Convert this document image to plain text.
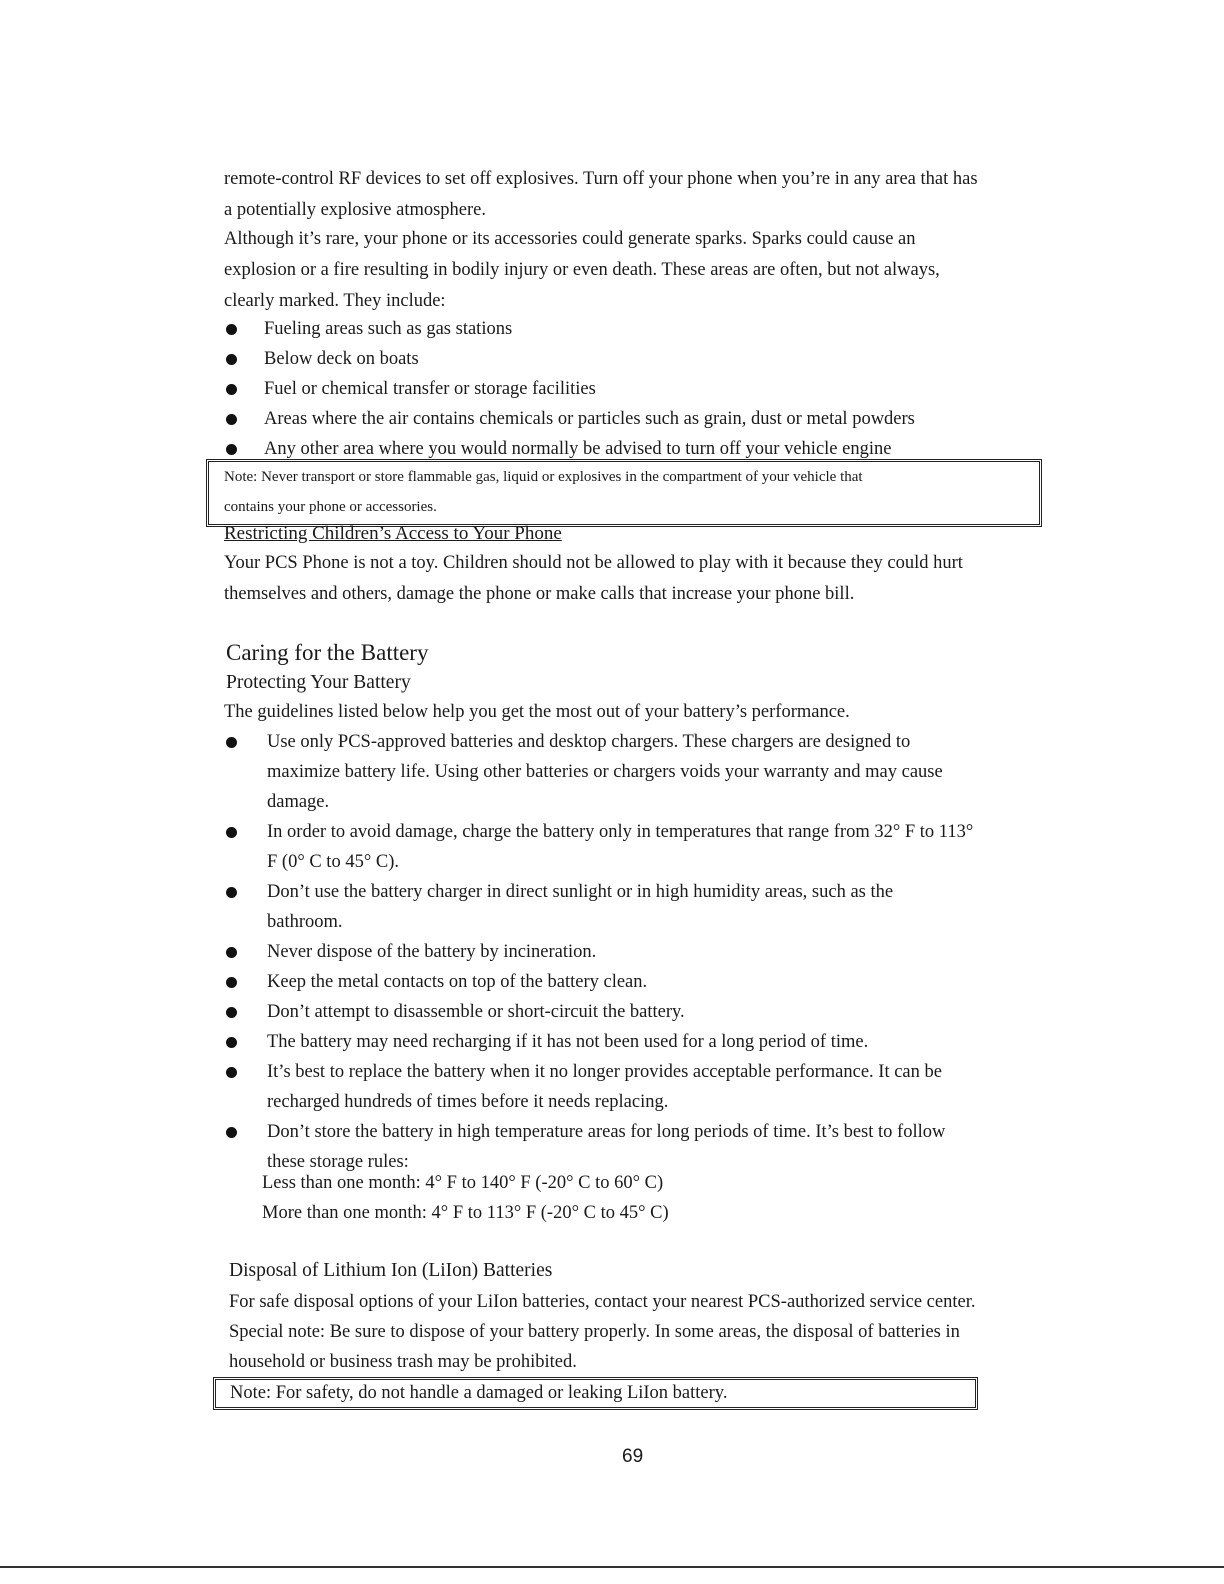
remote-control RF devices to set off explosives. Turn off your phone when you’re in any area that has
a potentially explosive atmosphere.
Although it’s rare, your phone or its accessories could generate sparks. Sparks could cause an
explosion or a fire resulting in bodily injury or even death. These areas are often, but not always,
clearly marked. They include:
Fueling areas such as gas stations
Below deck on boats
Fuel or chemical transfer or storage facilities
Areas where the air contains chemicals or particles such as grain, dust or metal powders
Any other area where you would normally be advised to turn off your vehicle engine
Note: Never transport or store flammable gas, liquid or explosives in the compartment of your vehicle that
contains your phone or accessories.
Restricting Children’s Access to Your Phone
Your PCS Phone is not a toy. Children should not be allowed to play with it because they could hurt
themselves and others, damage the phone or make calls that increase your phone bill.
Caring for the Battery
Protecting Your Battery
The guidelines listed below help you get the most out of your battery’s performance.
Use only PCS-approved batteries and desktop chargers. These chargers are designed to
maximize battery life. Using other batteries or chargers voids your warranty and may cause
damage.
In order to avoid damage, charge the battery only in temperatures that range from 32° F to 113°
F (0° C to 45° C).
Don’t use the battery charger in direct sunlight or in high humidity areas, such as the
bathroom.
Never dispose of the battery by incineration.
Keep the metal contacts on top of the battery clean.
Don’t attempt to disassemble or short-circuit the battery.
The battery may need recharging if it has not been used for a long period of time.
It’s best to replace the battery when it no longer provides acceptable performance. It can be
recharged hundreds of times before it needs replacing.
Don’t store the battery in high temperature areas for long periods of time. It’s best to follow
these storage rules:
Less than one month: 4° F to 140° F (-20° C to 60° C)
More than one month: 4° F to 113° F (-20° C to 45° C)
Disposal of Lithium Ion (LiIon) Batteries
For safe disposal options of your LiIon batteries, contact your nearest PCS-authorized service center.
Special note: Be sure to dispose of your battery properly. In some areas, the disposal of batteries in
household or business trash may be prohibited.
Note: For safety, do not handle a damaged or leaking LiIon battery.
69
